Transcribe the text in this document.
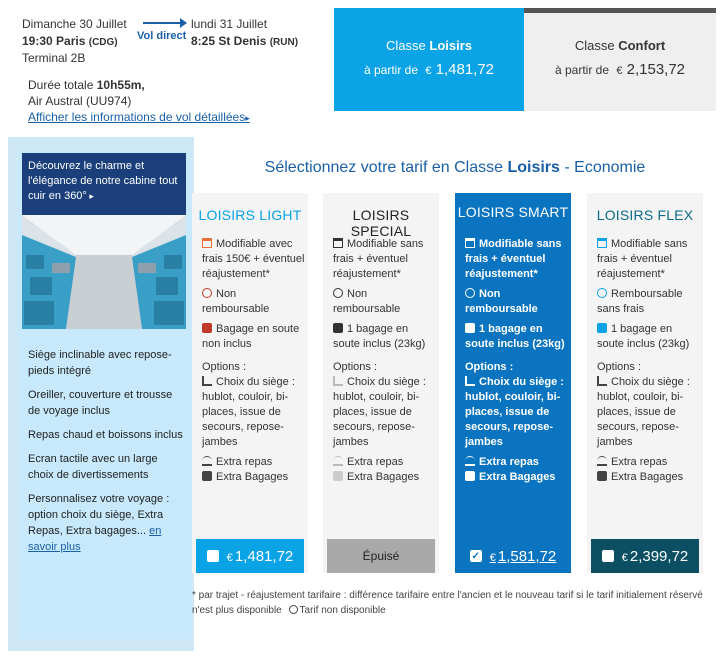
Dimanche 30 Juillet
19:30 Paris (CDG)
Terminal 2B
Vol direct
lundi 31 Juillet
8:25 St Denis (RUN)
Durée totale 10h55m,
Air Austral (UU974)
Afficher les informations de vol détaillées▸
Classe Loisirs
à partir de € 1,481,72
Classe Confort
à partir de € 2,153,72
Découvrez le charme et l'élégance de notre cabine tout cuir en 360° ▸
Siège inclinable avec repose-pieds intégré
Oreiller, couverture et trousse de voyage inclus
Repas chaud et boissons inclus
Ecran tactile avec un large choix de divertissements
Personnalisez votre voyage : option choix du siège, Extra Repas, Extra bagages... en savoir plus
Sélectionnez votre tarif en Classe Loisirs - Economie
LOISIRS LIGHT
Modifiable avec frais 150€ + éventuel réajustement*
Non remboursable
Bagage en soute non inclus
Options :
Choix du siège : hublot, couloir, bi-places, issue de secours, repose-jambes
Extra repas
Extra Bagages
€ 1,481,72
LOISIRS SPECIAL
Modifiable sans frais + éventuel réajustement*
Non remboursable
1 bagage en soute inclus (23kg)
Options :
Choix du siège : hublot, couloir, bi-places, issue de secours, repose-jambes
Extra repas
Extra Bagages
Épuisé
LOISIRS SMART
Modifiable sans frais + éventuel réajustement*
Non remboursable
1 bagage en soute inclus (23kg)
Options :
Choix du siège : hublot, couloir, bi-places, issue de secours, repose-jambes
Extra repas
Extra Bagages
✓ € 1,581,72
LOISIRS FLEX
Modifiable sans frais + éventuel réajustement*
Remboursable sans frais
1 bagage en soute inclus (23kg)
Options :
Choix du siège : hublot, couloir, bi-places, issue de secours, repose-jambes
Extra repas
Extra Bagages
€ 2,399,72
* par trajet - réajustement tarifaire : différence tarifaire entre l'ancien et le nouveau tarif si le tarif initialement réservé n'est plus disponible Tarif non disponible
